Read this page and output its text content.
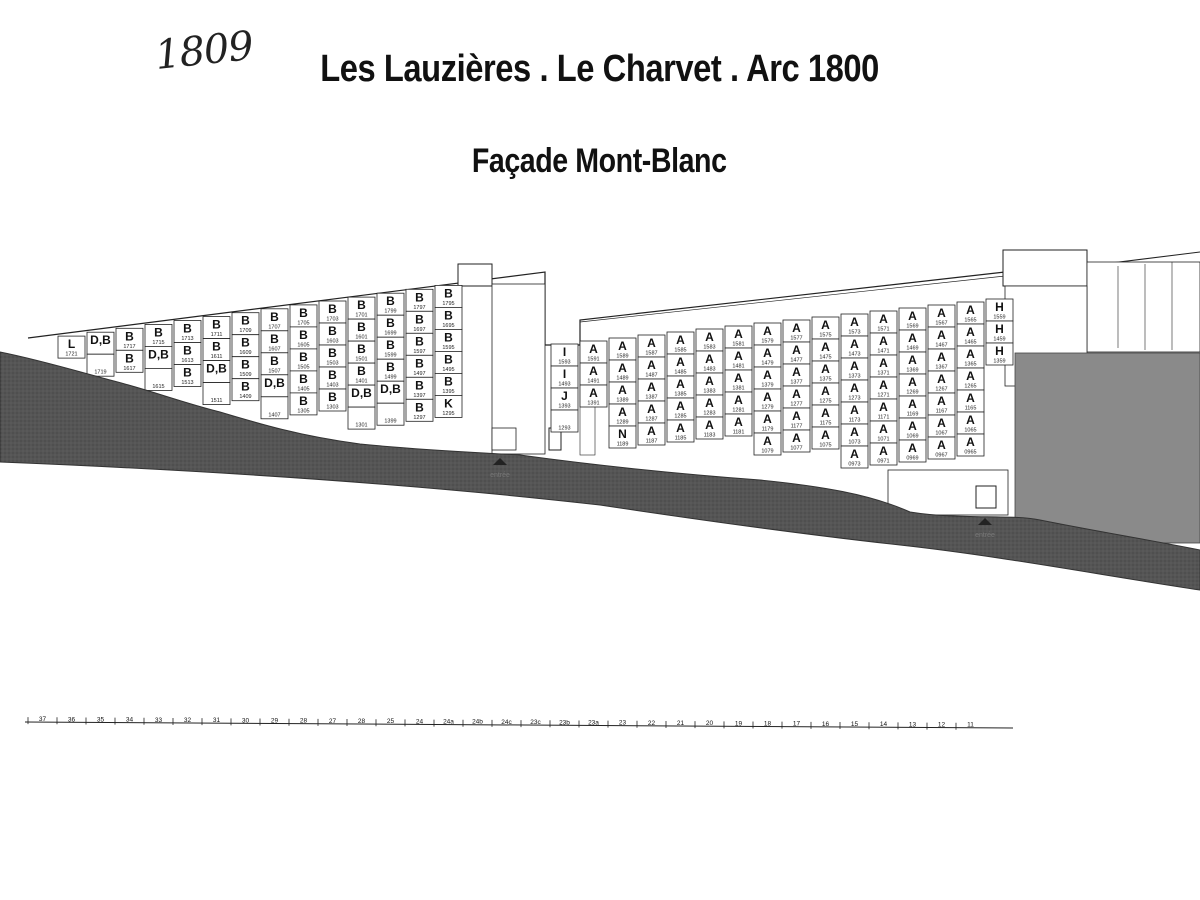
1809	Les Lauzières . Le Charvet . Arc 1800
Façade Mont-Blanc
L
1721
D,B
1719
B
1717
B
1617
B
1715
D,B
1615
B
1713
B
1613
B
1513
B
1711
B
1611
D,B
1511
B
1709
B
1609
B
1509
B
1409
B
1707
B
1607
B
1507
D,B
1407
B
1705
B
1605
B
1505
B
1405
B
1305
B
1703
B
1603
B
1503
B
1403
B
1303
B
1701
B
1601
B
1501
B
1401
D,B
1301
B
1799
B
1699
B
1599
B
1499
D,B
1399
B
1797
B
1697
B
1597
B
1497
B
1397
B
1297
B
1795
B
1695
B
1595
B
1495
B
1395
K
1295
I
1593
I
1493
J
1393
1293
A
1591
A
1491
A
1391
A
1589
A
1489
A
1389
A
1289
N
1189
A
1587
A
1487
A
1387
A
1287
A
1187
A
1585
A
1485
A
1385
A
1285
A
1185
A
1583
A
1483
A
1383
A
1283
A
1183
A
1581
A
1481
A
1381
A
1281
A
1181
A
1579
A
1479
A
1379
A
1279
A
1179
A
1079
A
1577
A
1477
A
1377
A
1277
A
1177
A
1077
A
1575
A
1475
A
1375
A
1275
A
1175
A
1075
A
1573
A
1473
A
1373
A
1273
A
1173
A
1073
A
0973
A
1571
A
1471
A
1371
A
1271
A
1171
A
1071
A
0971
A
1569
A
1469
A
1369
A
1269
A
1169
A
1069
A
0969
A
1567
A
1467
A
1367
A
1267
A
1167
A
1067
A
0967
A
1565
A
1465
A
1365
A
1265
A
1165
A
1065
A
0965
H
1559
H
1459
H
1359
entrée
entrée
37	36	35	34	33	32	31	30	29	28	27	28	25	24	24a	24b	24c	23c	23b	23a	23	22	21	20	19	18	17	16	15	14	13	12	11
